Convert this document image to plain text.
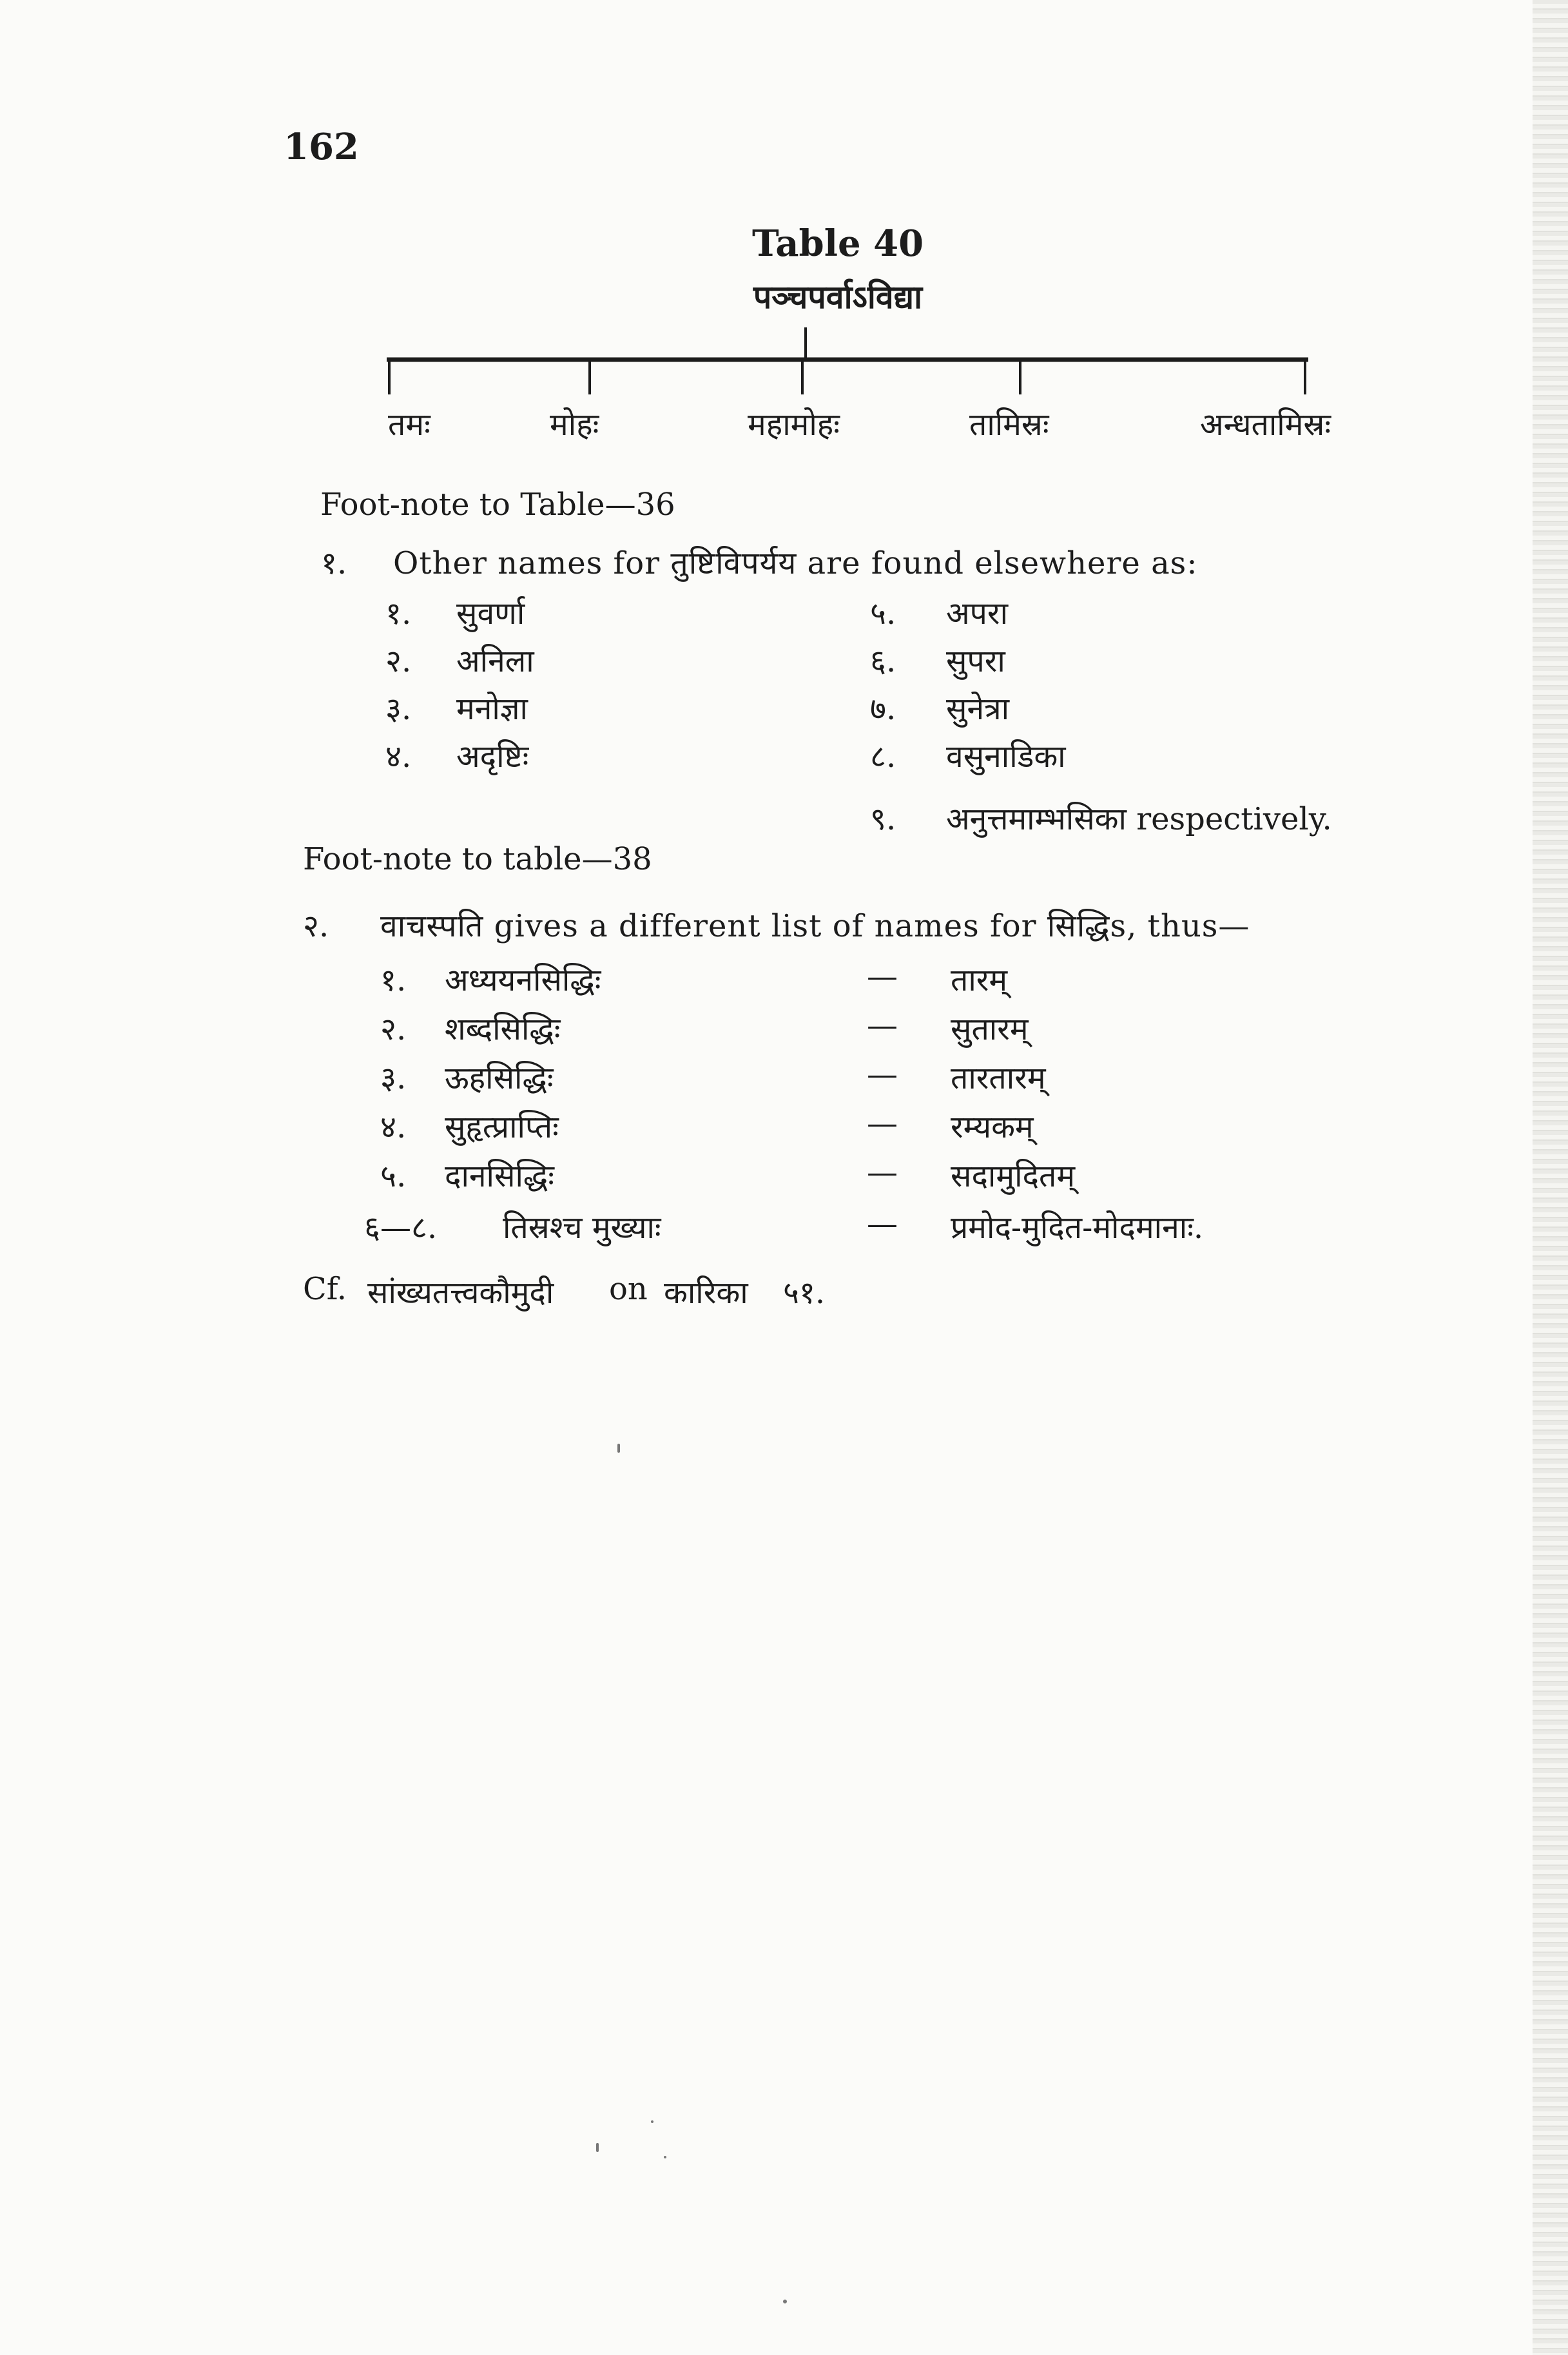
162
Table 40
पञ्चपर्वाऽविद्या
तमः	मोहः	महामोहः	तामिस्रः	अन्धतामिस्रः
Foot-note to Table—36
१. Other names for तुष्टिविपर्यय are found elsewhere as:
१. सुवर्णा
२. अनिला
३. मनोज्ञा
४. अदृष्टिः
५. अपरा
६. सुपरा
७. सुनेत्रा
८. वसुनाडिका
९. अनुत्तमाम्भसिका respectively.
Foot-note to table—38
२. वाचस्पति gives a different list of names for सिद्धिs, thus—
१. अध्ययनसिद्धिः	— तारम्
२. शब्दसिद्धिः	— सुतारम्
३. ऊहसिद्धिः	— तारतारम्
४. सुहृत्प्राप्तिः	— रम्यकम्
५. दानसिद्धिः	— सदामुदितम्
६—८. तिस्रश्च मुख्याः	— प्रमोद-मुदित-मोदमानाः.
Cf. सांख्यतत्त्वकौमुदी on कारिका ५१.
